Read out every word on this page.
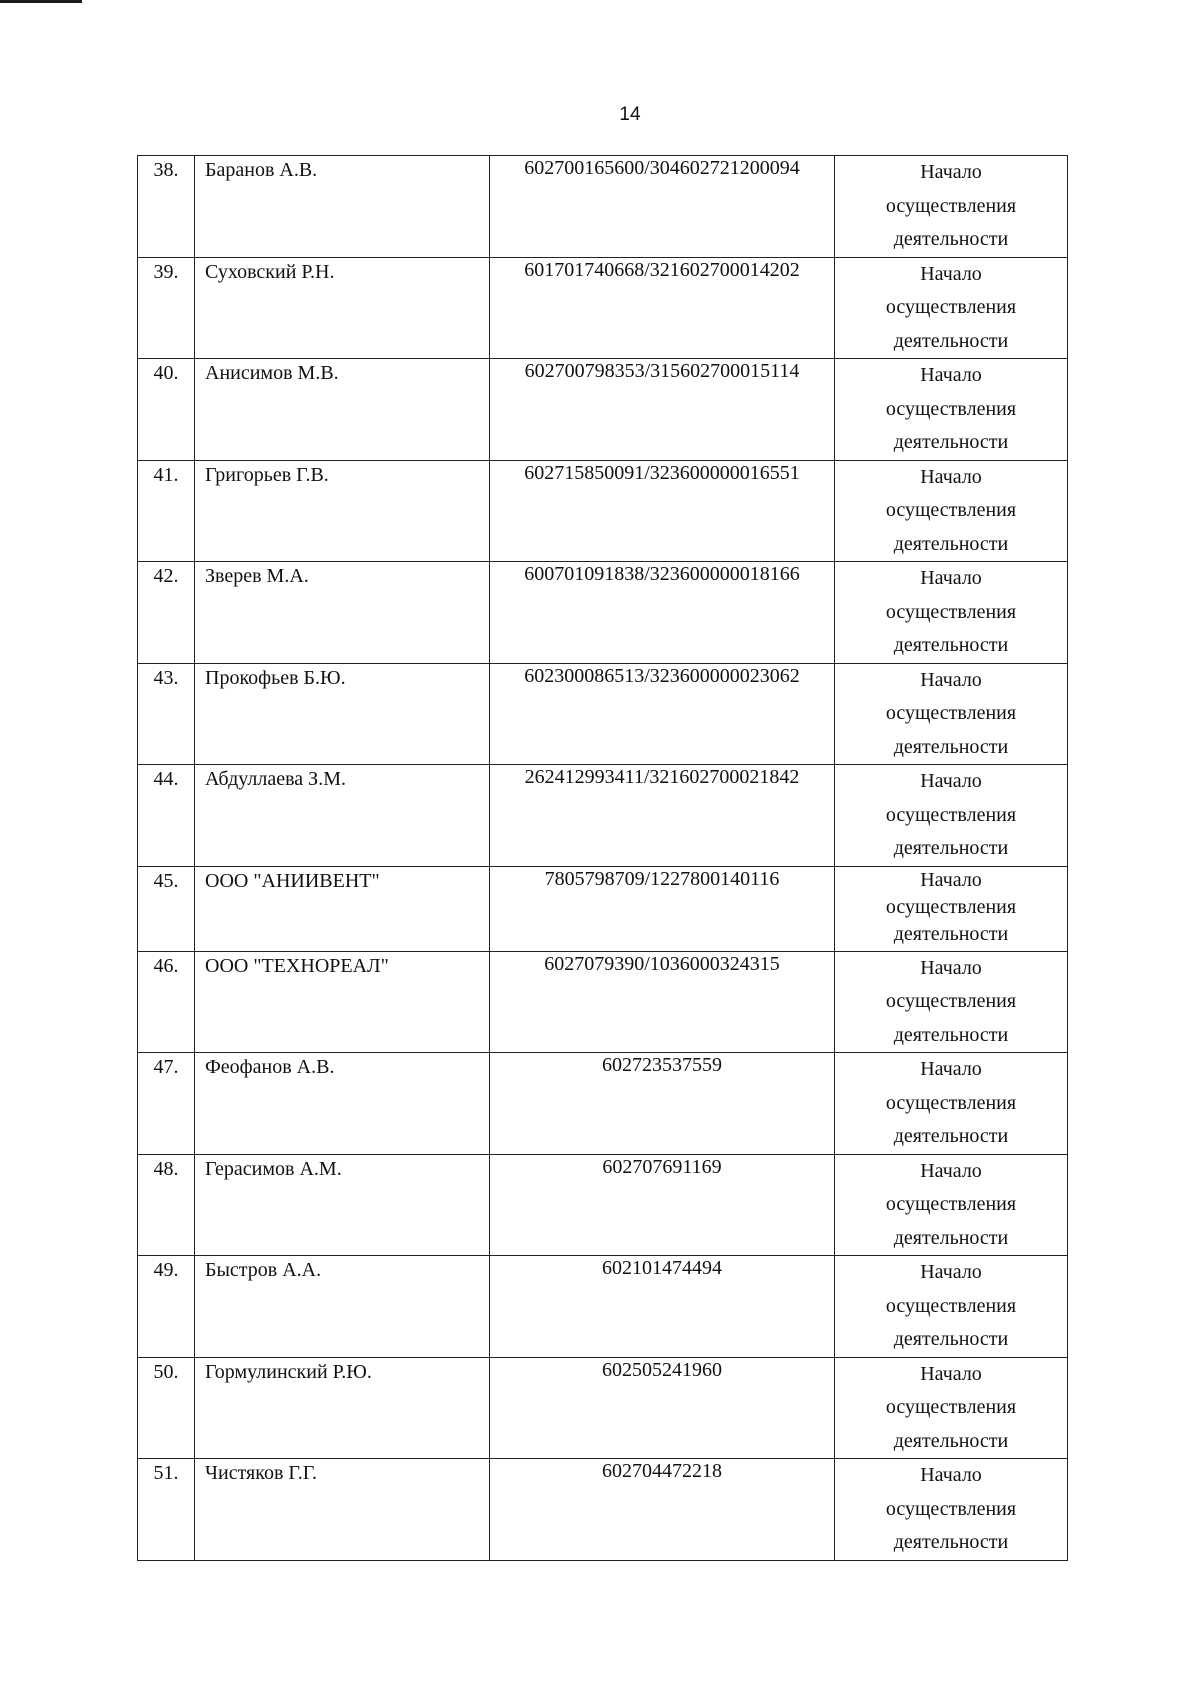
14
38.	Баранов А.В.	602700165600/304602721200094	Начало
осуществления
деятельности

39.	Суховский Р.Н.	601701740668/321602700014202	Начало
осуществления
деятельности

40.	Анисимов М.В.	602700798353/315602700015114	Начало
осуществления
деятельности

41.	Григорьев Г.В.	602715850091/323600000016551	Начало
осуществления
деятельности

42.	Зверев М.А.	600701091838/323600000018166	Начало
осуществления
деятельности

43.	Прокофьев Б.Ю.	602300086513/323600000023062	Начало
осуществления
деятельности

44.	Абдуллаева З.М.	262412993411/321602700021842	Начало
осуществления
деятельности

45.	ООО "АНИИВЕНТ"	7805798709/1227800140116	Начало
осуществления
деятельности

46.	ООО "ТЕХНОРЕАЛ"	6027079390/1036000324315	Начало
осуществления
деятельности

47.	Феофанов А.В.	602723537559	Начало
осуществления
деятельности

48.	Герасимов А.М.	602707691169	Начало
осуществления
деятельности

49.	Быстров А.А.	602101474494	Начало
осуществления
деятельности

50.	Гормулинский Р.Ю.	602505241960	Начало
осуществления
деятельности

51.	Чистяков Г.Г.	602704472218	Начало
осуществления
деятельности
